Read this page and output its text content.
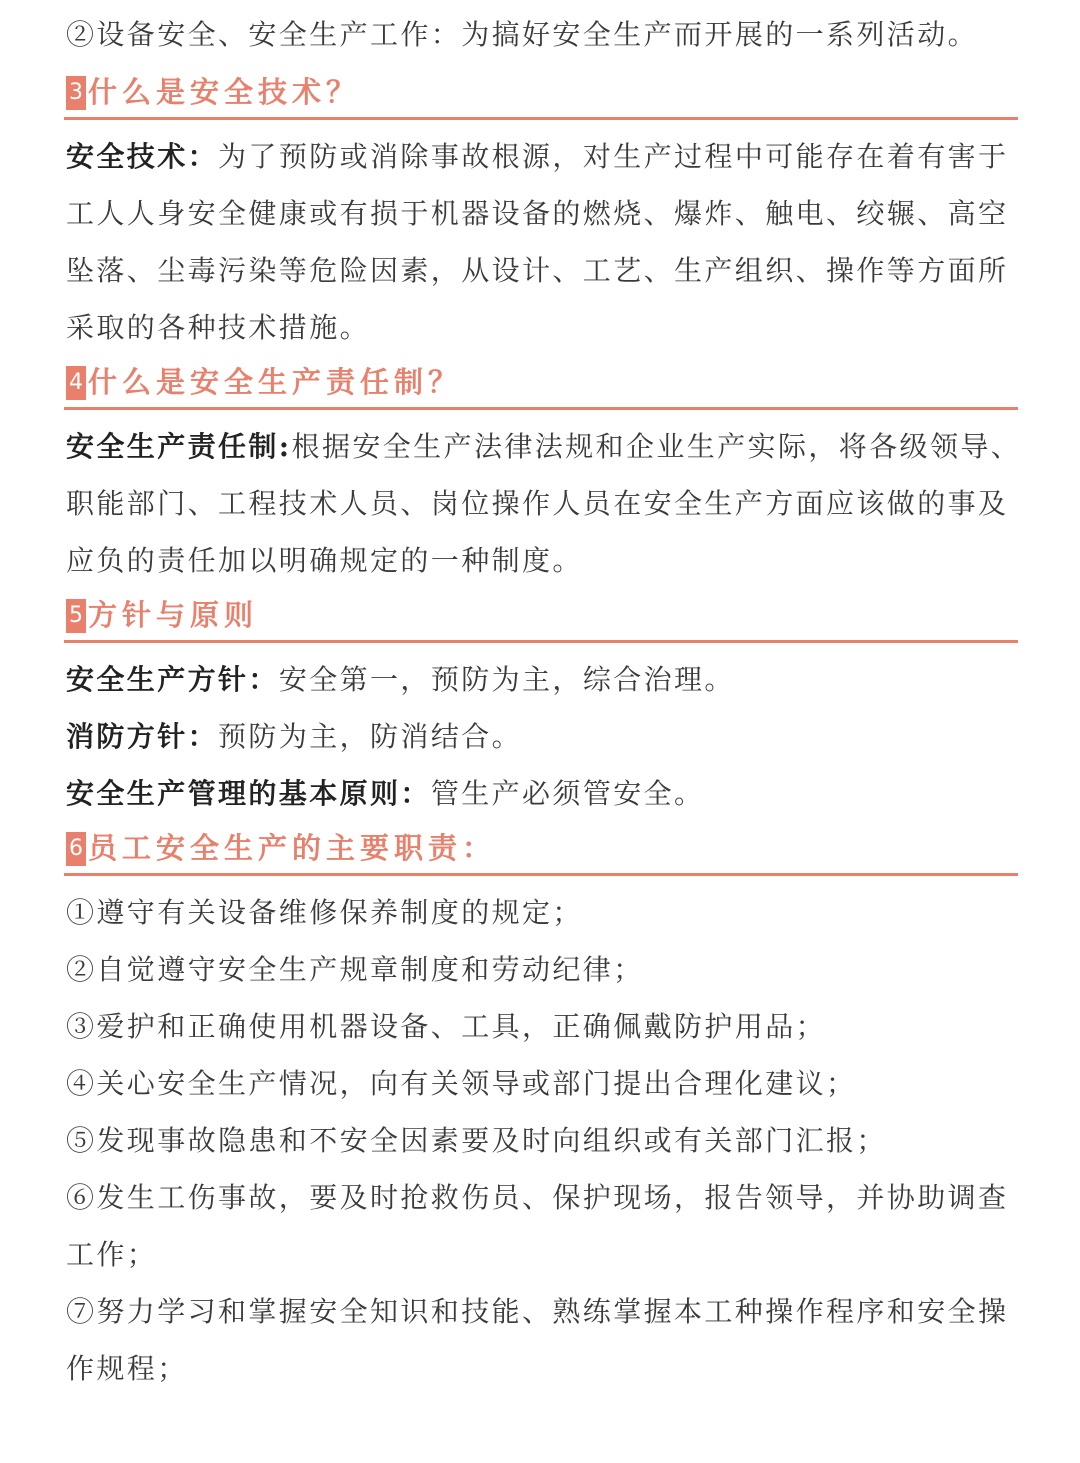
②设备安全、安全生产工作：为搞好安全生产而开展的一系列活动。

3 什么是安全技术？

安全技术：为了预防或消除事故根源，对生产过程中可能存在着有害于

工人人身安全健康或有损于机器设备的燃烧、爆炸、触电、绞辗、高空

坠落、尘毒污染等危险因素，从设计、工艺、生产组织、操作等方面所

采取的各种技术措施。

4 什么是安全生产责任制？

安全生产责任制:根据安全生产法律法规和企业生产实际，将各级领导、

职能部门、工程技术人员、岗位操作人员在安全生产方面应该做的事及

应负的责任加以明确规定的一种制度。

5 方针与原则

安全生产方针：安全第一，预防为主，综合治理。

消防方针：预防为主，防消结合。

安全生产管理的基本原则：管生产必须管安全。

6 员工安全生产的主要职责：

①遵守有关设备维修保养制度的规定；

②自觉遵守安全生产规章制度和劳动纪律；

③爱护和正确使用机器设备、工具，正确佩戴防护用品；

④关心安全生产情况，向有关领导或部门提出合理化建议；

⑤发现事故隐患和不安全因素要及时向组织或有关部门汇报；

⑥发生工伤事故，要及时抢救伤员、保护现场，报告领导，并协助调查

工作；

⑦努力学习和掌握安全知识和技能、熟练掌握本工种操作程序和安全操

作规程；
